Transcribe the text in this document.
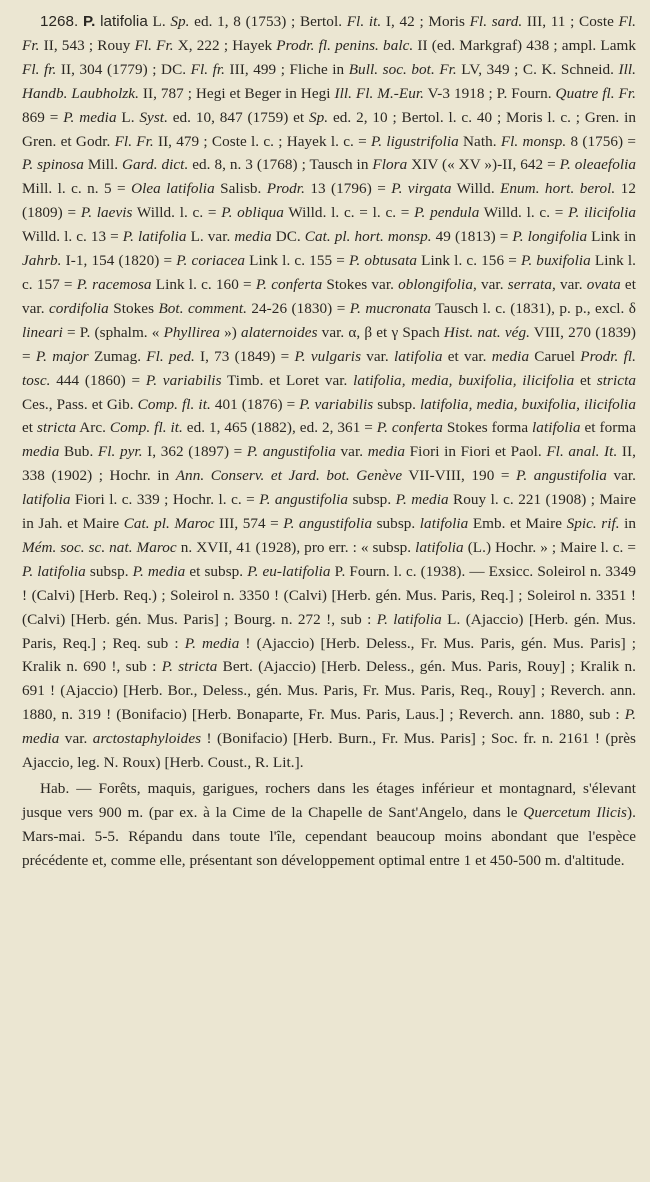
1268. P. latifolia L. Sp. ed. 1, 8 (1753) ; Bertol. Fl. it. I, 42 ; Moris Fl. sard. III, 11 ; Coste Fl. Fr. II, 543 ; Rouy Fl. Fr. X, 222 ; Hayek Prodr. fl. penins. balc. II (ed. Markgraf) 438 ; ampl. Lamk Fl. fr. II, 304 (1779) ; DC. Fl. fr. III, 499 ; Fliche in Bull. soc. bot. Fr. LV, 349 ; C. K. Schneid. Ill. Handb. Laubholzk. II, 787 ; Hegi et Beger in Hegi Ill. Fl. M.-Eur. V-3 1918 ; P. Fourn. Quatre fl. Fr. 869 = P. media L. Syst. ed. 10, 847 (1759) et Sp. ed. 2, 10 ; Bertol. l. c. 40 ; Moris l. c. ; Gren. in Gren. et Godr. Fl. Fr. II, 479 ; Coste l. c. ; Hayek l. c. = P. ligustrifolia Nath. Fl. monsp. 8 (1756) = P. spinosa Mill. Gard. dict. ed. 8, n. 3 (1768) ; Tausch in Flora XIV (« XV »)-II, 642 = P. oleaefolia Mill. l. c. n. 5 = Olea latifolia Salisb. Prodr. 13 (1796) = P. virgata Willd. Enum. hort. berol. 12 (1809) = P. laevis Willd. l. c. = P. obliqua Willd. l. c. = l. c. = P. pendula Willd. l. c. = P. ilicifolia Willd. l. c. 13 = P. latifolia L. var. media DC. Cat. pl. hort. monsp. 49 (1813) = P. longifolia Link in Jahrb. I-1, 154 (1820) = P. coriacea Link l. c. 155 = P. obtusata Link l. c. 156 = P. buxifolia Link l. c. 157 = P. racemosa Link l. c. 160 = P. conferta Stokes var. oblongifolia, var. serrata, var. ovata et var. cordifolia Stokes Bot. comment. 24-26 (1830) = P. mucronata Tausch l. c. (1831), p. p., excl. δ lineari = P. (sphalm. « Phyllirea ») alaternoides var. α, β et γ Spach Hist. nat. vég. VIII, 270 (1839) = P. major Zumag. Fl. ped. I, 73 (1849) = P. vulgaris var. latifolia et var. media Caruel Prodr. fl. tosc. 444 (1860) = P. variabilis Timb. et Loret var. latifolia, media, buxifolia, ilicifolia et stricta Ces., Pass. et Gib. Comp. fl. it. 401 (1876) = P. variabilis subsp. latifolia, media, buxifolia, ilicifolia et stricta Arc. Comp. fl. it. ed. 1, 465 (1882), ed. 2, 361 = P. conferta Stokes forma latifolia et forma media Bub. Fl. pyr. I, 362 (1897) = P. angustifolia var. media Fiori in Fiori et Paol. Fl. anal. It. II, 338 (1902) ; Hochr. in Ann. Conserv. et Jard. bot. Genève VII-VIII, 190 = P. angustifolia var. latifolia Fiori l. c. 339 ; Hochr. l. c. = P. angustifolia subsp. P. media Rouy l. c. 221 (1908) ; Maire in Jah. et Maire Cat. pl. Maroc III, 574 = P. angustifolia subsp. latifolia Emb. et Maire Spic. rif. in Mém. soc. sc. nat. Maroc n. XVII, 41 (1928), pro err. : « subsp. latifolia (L.) Hochr. » ; Maire l. c. = P. latifolia subsp. P. media et subsp. P. eu-latifolia P. Fourn. l. c. (1938). — Exsicc. Soleirol n. 3349 ! (Calvi) [Herb. Req.) ; Soleirol n. 3350 ! (Calvi) [Herb. gén. Mus. Paris, Req.] ; Soleirol n. 3351 ! (Calvi) [Herb. gén. Mus. Paris] ; Bourg. n. 272 !, sub : P. latifolia L. (Ajaccio) [Herb. gén. Mus. Paris, Req.] ; Req. sub : P. media ! (Ajaccio) [Herb. Deless., Fr. Mus. Paris, gén. Mus. Paris] ; Kralik n. 690 !, sub : P. stricta Bert. (Ajaccio) [Herb. Deless., gén. Mus. Paris, Rouy] ; Kralik n. 691 ! (Ajaccio) [Herb. Bor., Deless., gén. Mus. Paris, Fr. Mus. Paris, Req., Rouy] ; Reverch. ann. 1880, n. 319 ! (Bonifacio) [Herb. Bonaparte, Fr. Mus. Paris, Laus.] ; Reverch. ann. 1880, sub : P. media var. arctostaphyloides ! (Bonifacio) [Herb. Burn., Fr. Mus. Paris] ; Soc. fr. n. 2161 ! (près Ajaccio, leg. N. Roux) [Herb. Coust., R. Lit.].

Hab. — Forêts, maquis, garigues, rochers dans les étages inférieur et montagnard, s'élevant jusque vers 900 m. (par ex. à la Cime de la Chapelle de Sant'Angelo, dans le Quercetum Ilicis). Mars-mai. 5-5. Répandu dans toute l'île, cependant beaucoup moins abondant que l'espèce précédente et, comme elle, présentant son développement optimal entre 1 et 450-500 m. d'altitude.
